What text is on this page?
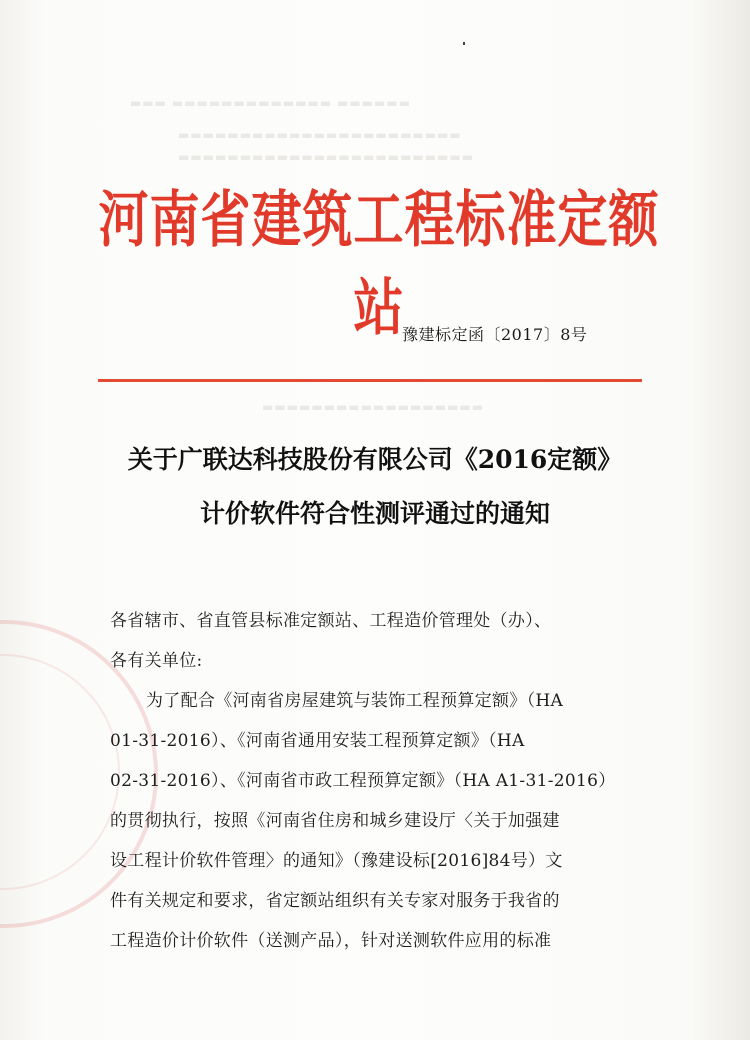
▬▬▬ ▬▬▬▬▬▬▬▬▬▬▬▬▬ ▬▬▬▬▬▬
▬▬▬▬▬▬▬▬▬▬▬▬▬▬▬▬▬▬▬▬▬▬▬
▬▬▬▬▬▬▬▬▬▬▬▬▬▬▬▬▬▬▬▬▬▬▬▬
▬▬▬▬▬▬▬▬▬▬▬▬▬▬▬▬▬▬
河南省建筑工程标准定额站
豫建标定函〔2017〕8号
关于广联达科技股份有限公司《2016定额》
计价软件符合性测评通过的通知
各省辖市、省直管县标准定额站、工程造价管理处（办）、
各有关单位:
为了配合《河南省房屋建筑与装饰工程预算定额》（HA
01-31-2016）、《河南省通用安装工程预算定额》（HA
02-31-2016）、《河南省市政工程预算定额》（HA A1-31-2016）
的贯彻执行，按照《河南省住房和城乡建设厅〈关于加强建
设工程计价软件管理〉的通知》（豫建设标[2016]84号）文
件有关规定和要求，省定额站组织有关专家对服务于我省的
工程造价计价软件（送测产品），针对送测软件应用的标准
